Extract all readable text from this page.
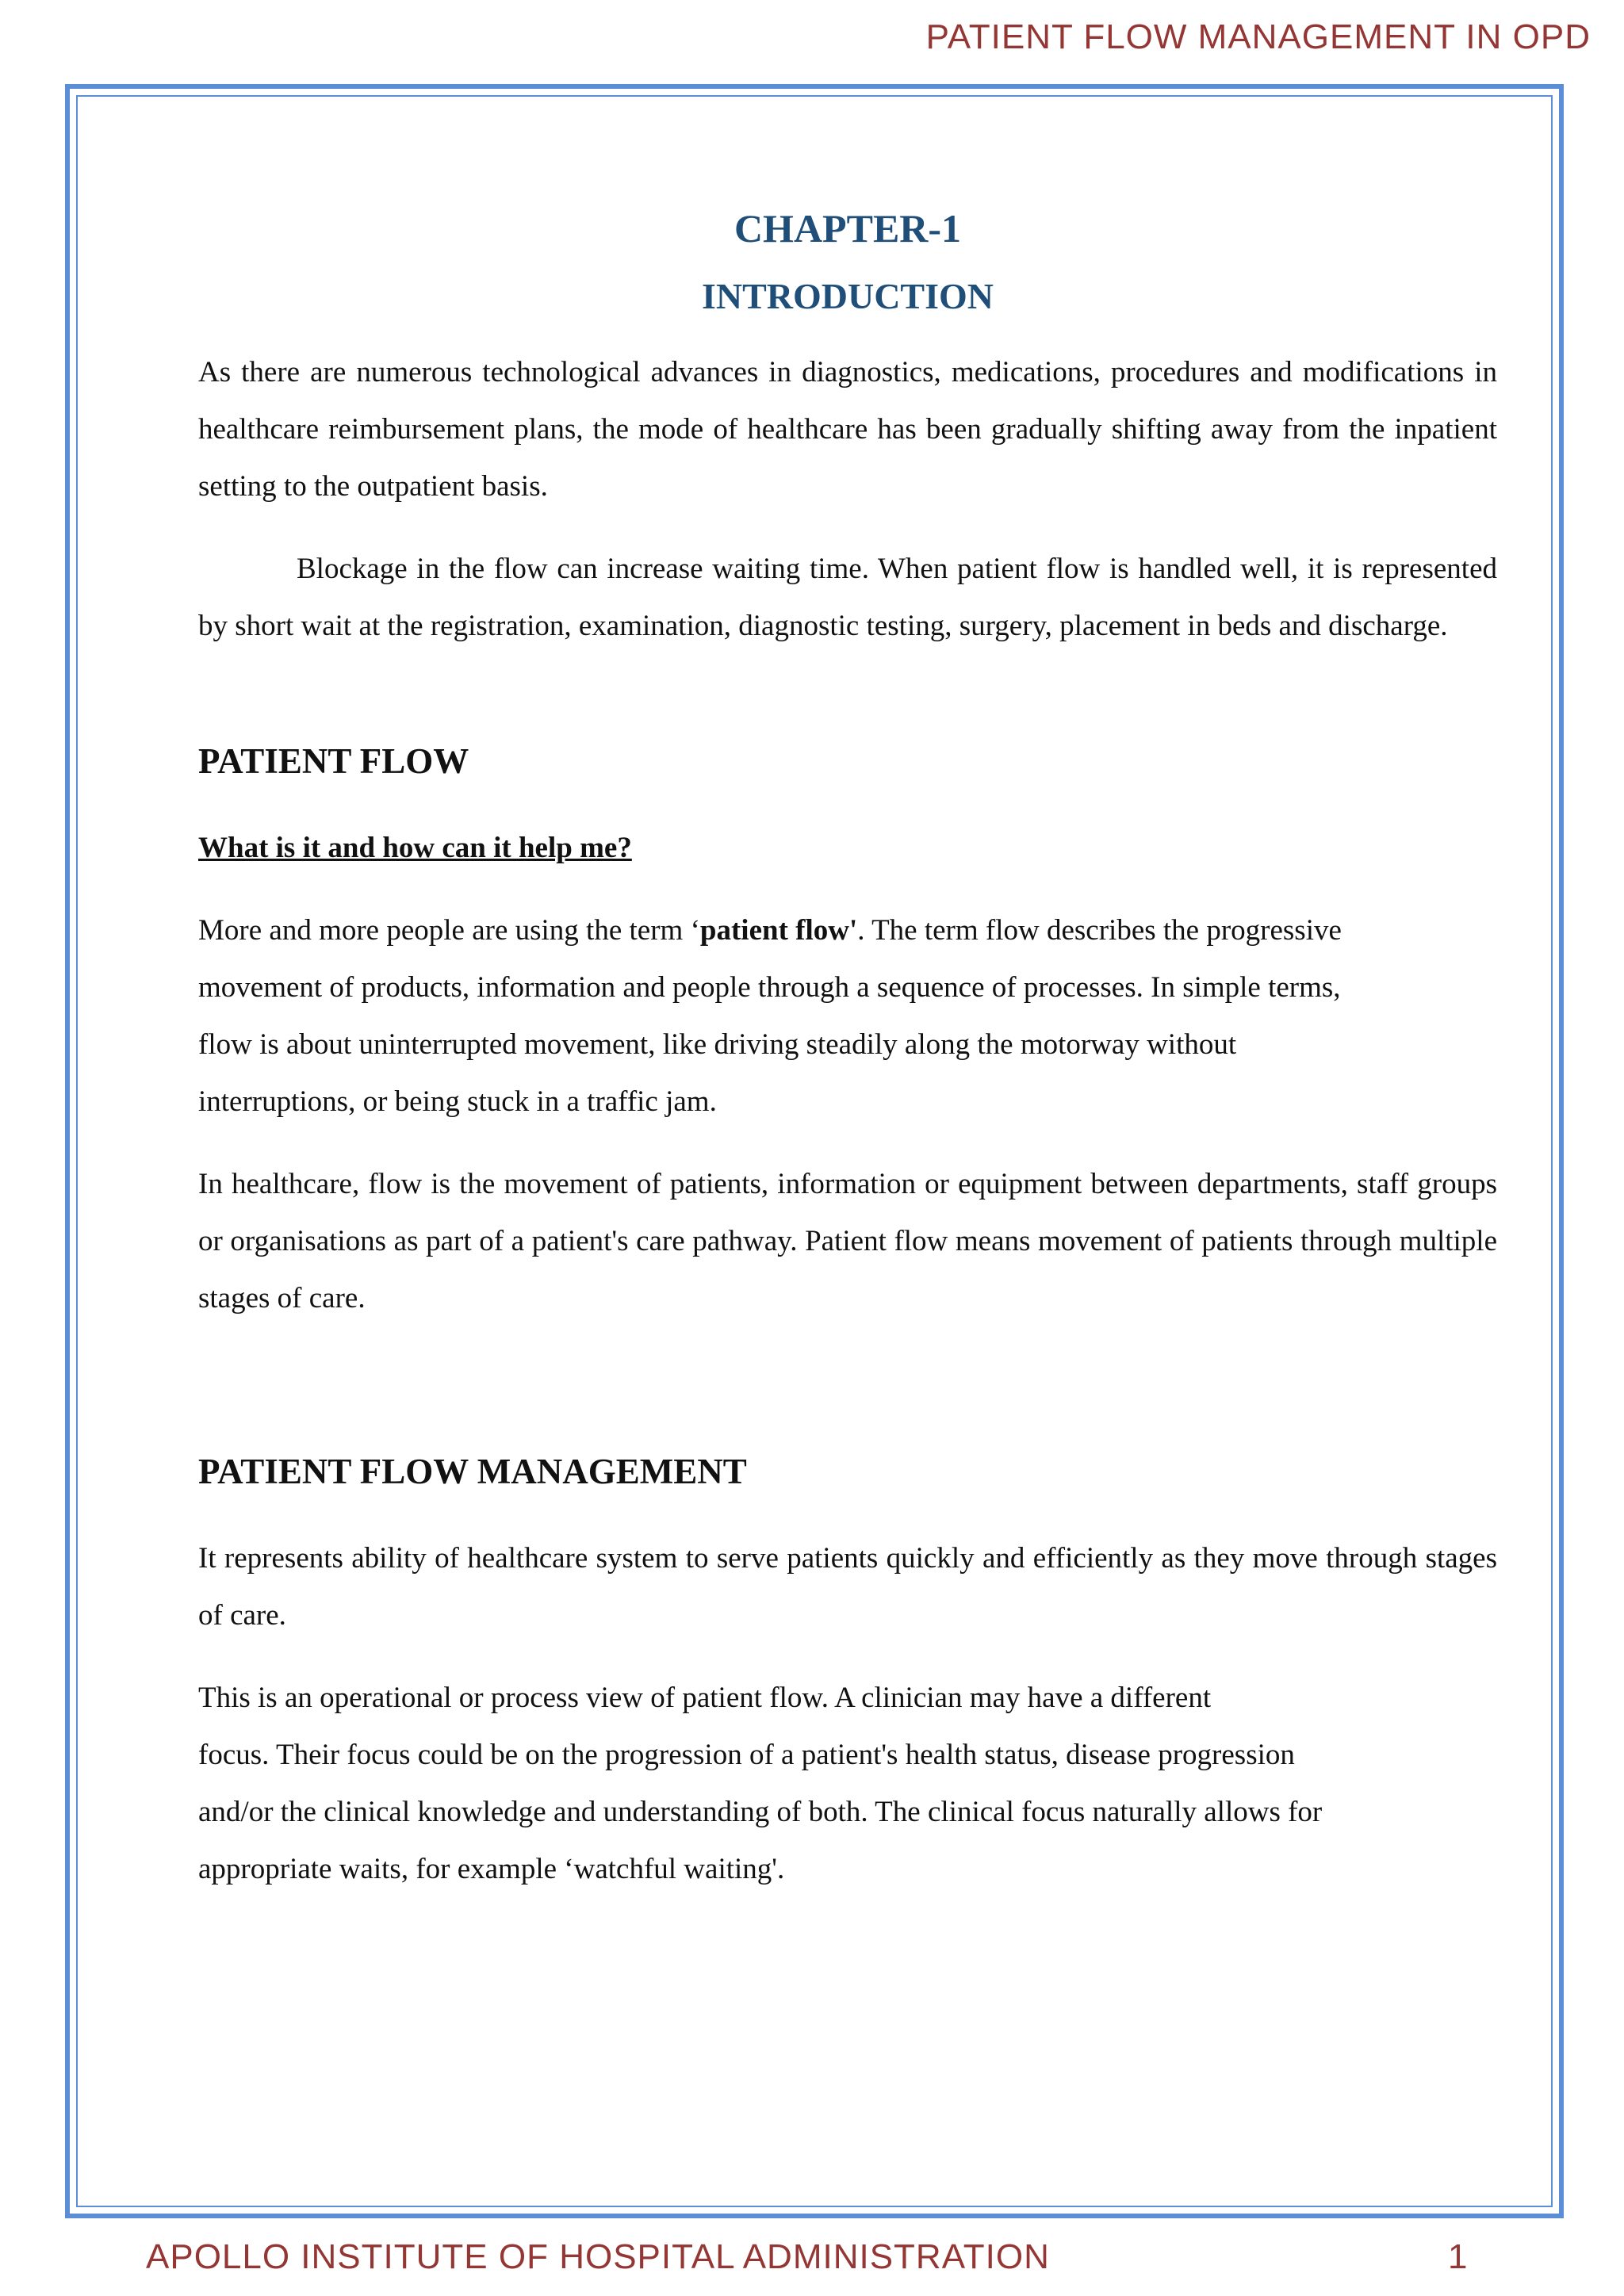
PATIENT FLOW MANAGEMENT IN OPD
CHAPTER-1
INTRODUCTION

As there are numerous technological advances in diagnostics, medications, procedures and modifications in healthcare reimbursement plans, the mode of healthcare has been gradually shifting away from the inpatient setting to the outpatient basis.

Blockage in the flow can increase waiting time. When patient flow is handled well, it is represented by short wait at the registration, examination, diagnostic testing, surgery, placement in beds and discharge.

PATIENT FLOW

What is it and how can it help me?

More and more people are using the term ‘patient flow'. The term flow describes the progressive
movement of products, information and people through a sequence of processes. In simple terms,
flow is about uninterrupted movement, like driving steadily along the motorway without
interruptions, or being stuck in a traffic jam.

In healthcare, flow is the movement of patients, information or equipment between departments, staff groups or organisations as part of a patient's care pathway. Patient flow means movement of patients through multiple stages of care.

PATIENT FLOW MANAGEMENT

It represents ability of healthcare system to serve patients quickly and efficiently as they move through stages of care.

This is an operational or process view of patient flow. A clinician may have a different
focus. Their focus could be on the progression of a patient's health status, disease progression
and/or the clinical knowledge and understanding of both. The clinical focus naturally allows for
appropriate waits, for example ‘watchful waiting'.

APOLLO INSTITUTE OF HOSPITAL ADMINISTRATION	1
